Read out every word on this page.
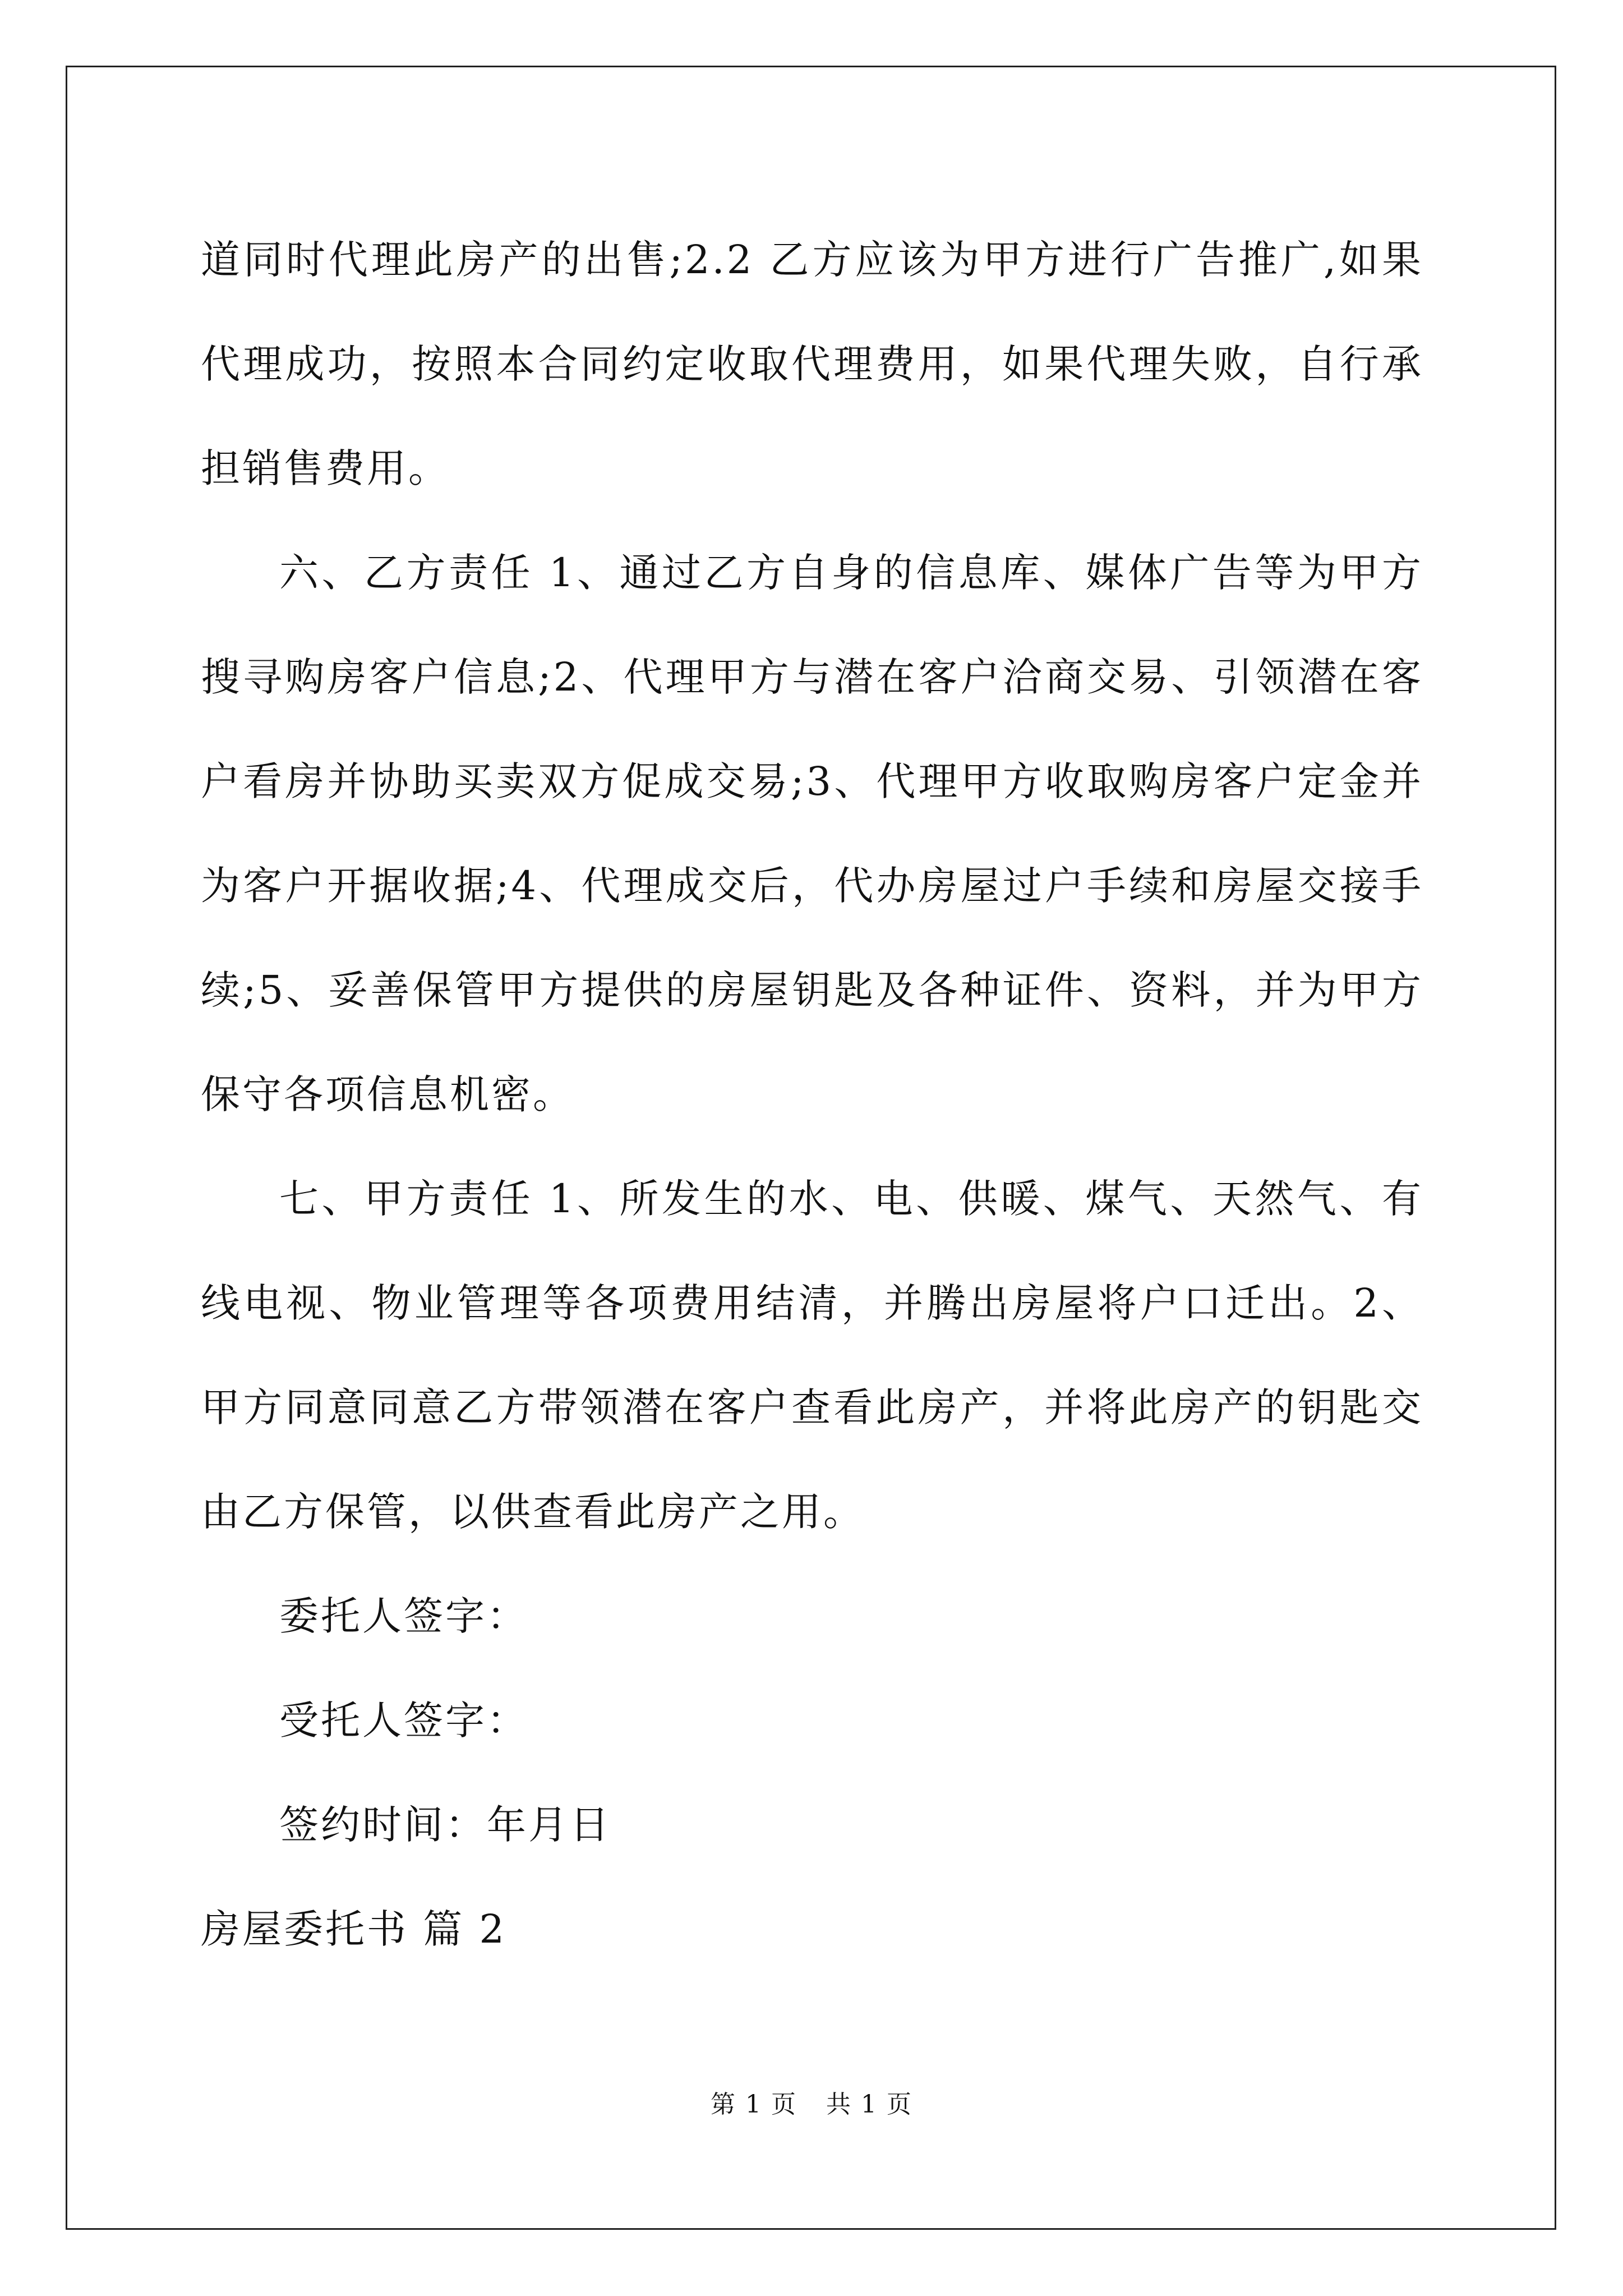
道同时代理此房产的出售;2.2 乙方应该为甲方进行广告推广,如果代理成功，按照本合同约定收取代理费用，如果代理失败，自行承担销售费用。

六、乙方责任 1、通过乙方自身的信息库、媒体广告等为甲方搜寻购房客户信息;2、代理甲方与潜在客户洽商交易、引领潜在客户看房并协助买卖双方促成交易;3、代理甲方收取购房客户定金并为客户开据收据;4、代理成交后，代办房屋过户手续和房屋交接手续;5、妥善保管甲方提供的房屋钥匙及各种证件、资料，并为甲方保守各项信息机密。

七、甲方责任 1、所发生的水、电、供暖、煤气、天然气、有线电视、物业管理等各项费用结清，并腾出房屋将户口迁出。2、甲方同意同意乙方带领潜在客户查看此房产，并将此房产的钥匙交由乙方保管，以供查看此房产之用。

委托人签字：

受托人签字：

签约时间：年月日

房屋委托书 篇 2

第 1 页 共 1 页
